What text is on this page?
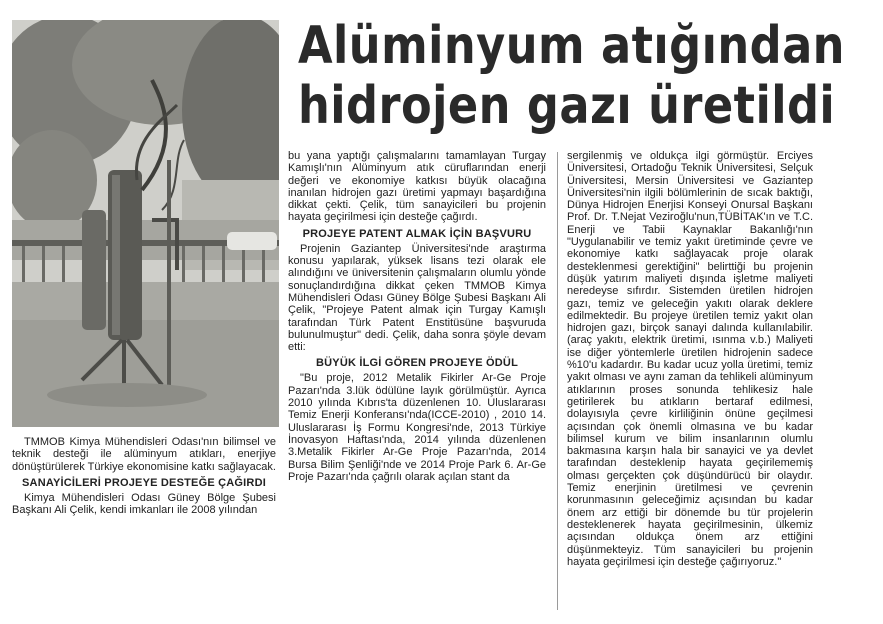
Alüminyum atığından
hidrojen gazı üretildi

TMMOB Kimya Mühendisleri Odası'nın bilimsel ve teknik desteği ile alüminyum atıkları, enerjiye dönüştürülerek Türkiye ekonomisine katkı sağlayacak.

SANAYİCİLERİ PROJEYE DESTEĞE ÇAĞIRDI

Kimya Mühendisleri Odası Güney Bölge Şubesi Başkanı Ali Çelik, kendi imkanları ile 2008 yılından

bu yana yaptığı çalışmalarını tamamlayan Turgay Kamışlı'nın Alüminyum atık cüruflarından enerji değeri ve ekonomiye katkısı büyük olacağına inanılan hidrojen gazı üretimi yapmayı başardığına dikkat çekti. Çelik, tüm sanayicileri bu projenin hayata geçirilmesi için desteğe çağırdı.

PROJEYE PATENT ALMAK İÇİN BAŞVURU

Projenin Gaziantep Üniversitesi'nde araştırma konusu yapılarak, yüksek lisans tezi olarak ele alındığını ve üniversitenin çalışmaların olumlu yönde sonuçlandırdığına dikkat çeken TMMOB Kimya Mühendisleri Odası Güney Bölge Şubesi Başkanı Ali Çelik, "Projeye Patent almak için Turgay Kamışlı tarafından Türk Patent Enstitüsüne başvuruda bulunulmuştur" dedi. Çelik, daha sonra şöyle devam etti:

BÜYÜK İLGİ GÖREN PROJEYE ÖDÜL

"Bu proje, 2012 Metalik Fikirler Ar-Ge Proje Pazarı'nda 3.lük ödülüne layık görülmüştür. Ayrıca 2010 yılında Kıbrıs'ta düzenlenen 10. Uluslararası Temiz Enerji Konferansı'nda(ICCE-2010) , 2010 14. Uluslararası İş Formu Kongresi'nde, 2013 Türkiye İnovasyon Haftası'nda, 2014 yılında düzenlenen 3.Metalik Fikirler Ar-Ge Proje Pazarı'nda, 2014 Bursa Bilim Şenliği'nde ve 2014 Proje Park 6. Ar-Ge Proje Pazarı'nda çağrılı olarak açılan stant da

sergilenmiş ve oldukça ilgi görmüştür. Erciyes Üniversitesi, Ortadoğu Teknik Üniversitesi, Selçuk Üniversitesi, Mersin Üniversitesi ve Gaziantep Üniversitesi'nin ilgili bölümlerinin de sıcak baktığı, Dünya Hidrojen Enerjisi Konseyi Onursal Başkanı Prof. Dr. T.Nejat Veziroğlu'nun,TÜBİTAK'ın ve T.C. Enerji ve Tabii Kaynaklar Bakanlığı'nın "Uygulanabilir ve temiz yakıt üretiminde çevre ve ekonomiye katkı sağlayacak proje olarak desteklenmesi gerektiğini" belirttiği bu projenin düşük yatırım maliyeti dışında işletme maliyeti neredeyse sıfırdır. Sistemden üretilen hidrojen gazı, temiz ve geleceğin yakıtı olarak deklere edilmektedir. Bu projeye üretilen temiz yakıt olan hidrojen gazı, birçok sanayi dalında kullanılabilir.(araç yakıtı, elektrik üretimi, ısınma v.b.) Maliyeti ise diğer yöntemlerle üretilen hidrojenin sadece %10'u kadardır. Bu kadar ucuz yolla üretimi, temiz yakıt olması ve aynı zaman da tehlikeli alüminyum atıklarının proses sonunda tehlikesiz hale getirilerek bu atıkların bertaraf edilmesi, dolayısıyla çevre kirliliğinin önüne geçilmesi açısından çok önemli olmasına ve bu kadar bilimsel kurum ve bilim insanlarının olumlu bakmasına karşın hala bir sanayici ve ya devlet tarafından desteklenip hayata geçirilememiş olması gerçekten çok düşündürücü bir olaydır. Temiz enerjinin üretilmesi ve çevrenin korunmasının geleceğimiz açısından bu kadar önem arz ettiği bir dönemde bu tür projelerin desteklenerek hayata geçirilmesinin, ülkemiz açısından oldukça önem arz ettiğini düşünmekteyiz. Tüm sanayicileri bu projenin hayata geçirilmesi için desteğe çağırıyoruz."
